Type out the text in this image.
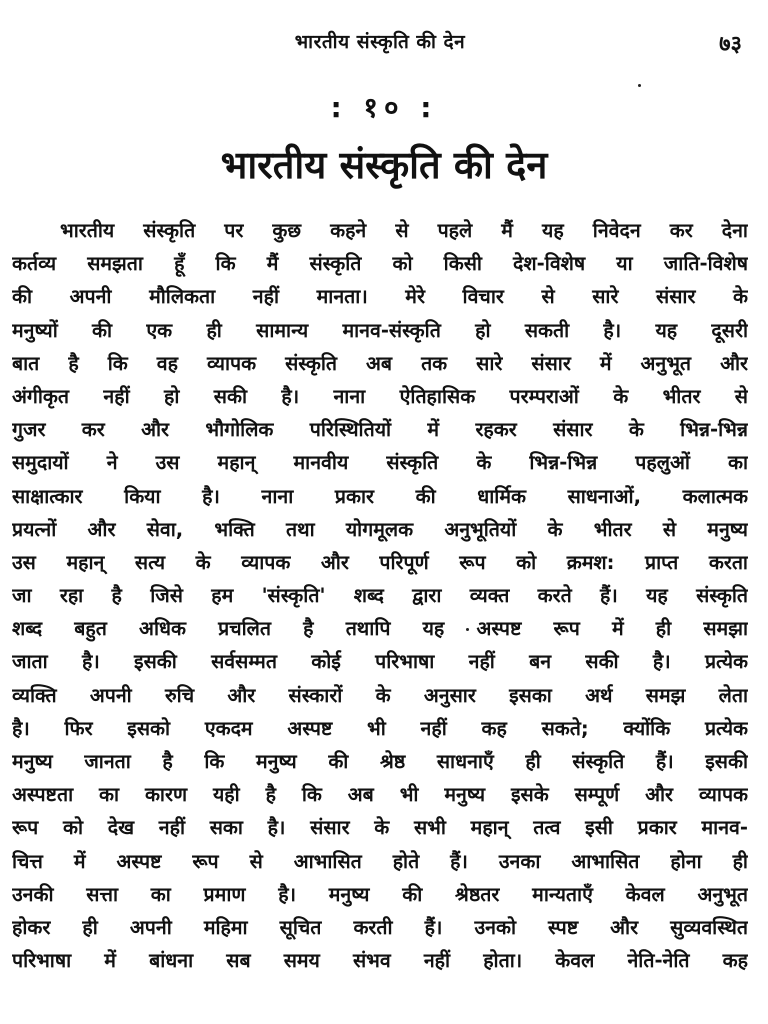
भारतीय संस्कृति की देन	७३
: १० :
भारतीय संस्कृति की देन
भारतीय संस्कृति पर कुछ कहने से पहले मैं यह निवेदन कर देना
कर्तव्य समझता हूँ कि मैं संस्कृति को किसी देश-विशेष या जाति-विशेष
की अपनी मौलिकता नहीं मानता। मेरे विचार से सारे संसार के
मनुष्यों की एक ही सामान्य मानव-संस्कृति हो सकती है। यह दूसरी
बात है कि वह व्यापक संस्कृति अब तक सारे संसार में अनुभूत और
अंगीकृत नहीं हो सकी है। नाना ऐतिहासिक परम्पराओं के भीतर से
गुजर कर और भौगोलिक परिस्थितियों में रहकर संसार के भिन्न-भिन्न
समुदायों ने उस महान् मानवीय संस्कृति के भिन्न-भिन्न पहलुओं का
साक्षात्कार किया है। नाना प्रकार की धार्मिक साधनाओं, कलात्मक
प्रयत्नों और सेवा, भक्ति तथा योगमूलक अनुभूतियों के भीतर से मनुष्य
उस महान् सत्य के व्यापक और परिपूर्ण रूप को क्रमश: प्राप्त करता
जा रहा है जिसे हम 'संस्कृति' शब्द द्वारा व्यक्त करते हैं। यह संस्कृति
शब्द बहुत अधिक प्रचलित है तथापि यह अस्पष्ट रूप में ही समझा
जाता है। इसकी सर्वसम्मत कोई परिभाषा नहीं बन सकी है। प्रत्येक
व्यक्ति अपनी रुचि और संस्कारों के अनुसार इसका अर्थ समझ लेता
है। फिर इसको एकदम अस्पष्ट भी नहीं कह सकते; क्योंकि प्रत्येक
मनुष्य जानता है कि मनुष्य की श्रेष्ठ साधनाएँ ही संस्कृति हैं। इसकी
अस्पष्टता का कारण यही है कि अब भी मनुष्य इसके सम्पूर्ण और व्यापक
रूप को देख नहीं सका है। संसार के सभी महान् तत्व इसी प्रकार मानव-
चित्त में अस्पष्ट रूप से आभासित होते हैं। उनका आभासित होना ही
उनकी सत्ता का प्रमाण है। मनुष्य की श्रेष्ठतर मान्यताएँ केवल अनुभूत
होकर ही अपनी महिमा सूचित करती हैं। उनको स्पष्ट और सुव्यवस्थित
परिभाषा में बांधना सब समय संभव नहीं होता। केवल नेति-नेति कह
